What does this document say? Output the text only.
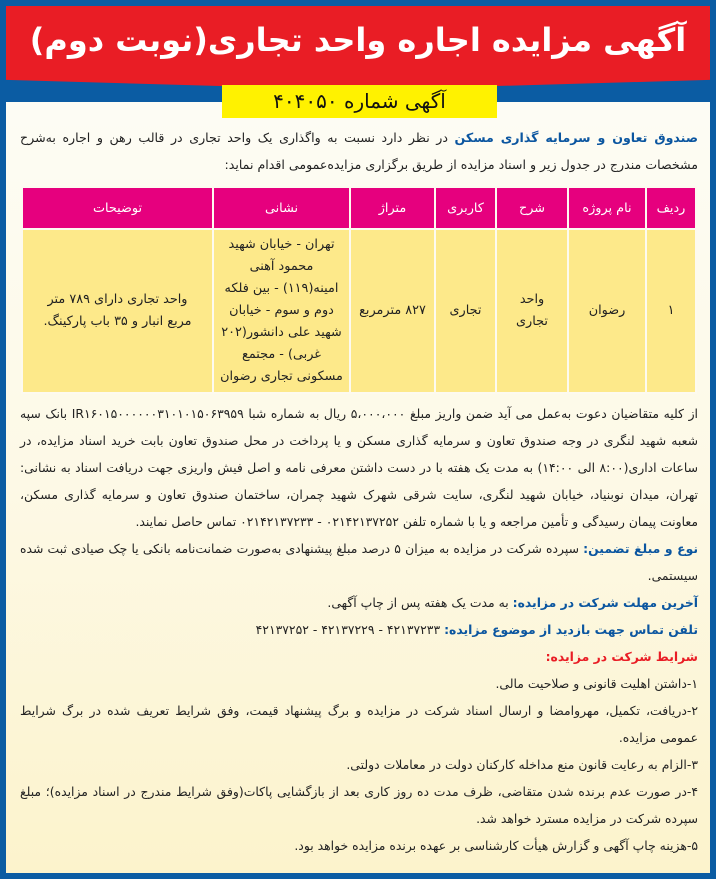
آگهی مزایده اجاره واحد تجاری(نوبت دوم)
آگهی شماره ۴۰۴۰۵۰
صندوق تعاون و سرمایه گذاری مسکن در نظر دارد نسبت به واگذاری یک واحد تجاری در قالب رهن و اجاره به‌شرح مشخصات مندرج در جدول زیر و اسناد مزایده از طریق برگزاری مزایده‌عمومی اقدام نماید:
ردیف	نام پروژه	شرح	کاربری	متراژ	نشانی	توضیحات
۱	رضوان	واحد تجاری	تجاری	۸۲۷ مترمربع	تهران - خیابان شهید محمود آهنی امینه(۱۱۹) - بین فلکه دوم و سوم - خیابان شهید علی دانشور(۲۰۲ غربی) - مجتمع مسکونی تجاری رضوان	واحد تجاری دارای ۷۸۹ متر مربع انبار و ۳۵ باب پارکینگ.

از کلیه متقاضیان دعوت به‌عمل می آید ضمن واریز مبلغ ۵،۰۰۰،۰۰۰ ریال به شماره شبا IR۱۶۰۱۵۰۰۰۰۰۰۳۱۰۱۰۱۵۰۶۳۹۵۹ بانک سپه شعبه شهید لنگری در وجه صندوق تعاون و سرمایه گذاری مسکن و یا پرداخت در محل صندوق تعاون بابت خرید اسناد مزایده، در ساعات اداری(۸:۰۰ الی ۱۴:۰۰) به مدت یک هفته با در دست داشتن معرفی نامه و اصل فیش واریزی جهت دریافت اسناد به نشانی: تهران، میدان نوبنیاد، خیابان شهید لنگری، سایت شرقی شهرک شهید چمران، ساختمان صندوق تعاون و سرمایه گذاری مسکن، معاونت پیمان رسیدگی و تأمین مراجعه و یا با شماره تلفن ۰۲۱۴۲۱۳۷۲۵۲ - ۰۲۱۴۲۱۳۷۲۳۳ تماس حاصل نمایند.

نوع و مبلغ تضمین: سپرده شرکت در مزایده به میزان ۵ درصد مبلغ پیشنهادی به‌صورت ضمانت‌نامه بانکی یا چک صیادی ثبت شده سیستمی.

آخرین مهلت شرکت در مزایده: به مدت یک هفته پس از چاپ آگهی.

تلفن تماس جهت بازدید از موضوع مزایده: ۴۲۱۳۷۲۳۳ - ۴۲۱۳۷۲۲۹ - ۴۲۱۳۷۲۵۲

شرایط شرکت در مزایده:

۱-داشتن اهلیت قانونی و صلاحیت مالی.

۲-دریافت، تکمیل، مهروامضا و ارسال اسناد شرکت در مزایده و برگ پیشنهاد قیمت، وفق شرایط تعریف شده در برگ شرایط عمومی مزایده.

۳-الزام به رعایت قانون منع مداخله کارکنان دولت در معاملات دولتی.

۴-در صورت عدم برنده شدن متقاضی، ظرف مدت ده روز کاری بعد از بازگشایی پاکات(وفق شرایط مندرج در اسناد مزایده)؛ مبلغ سپرده شرکت در مزایده مسترد خواهد شد.

۵-هزینه چاپ آگهی و گزارش هیأت کارشناسی بر عهده برنده مزایده خواهد بود.
